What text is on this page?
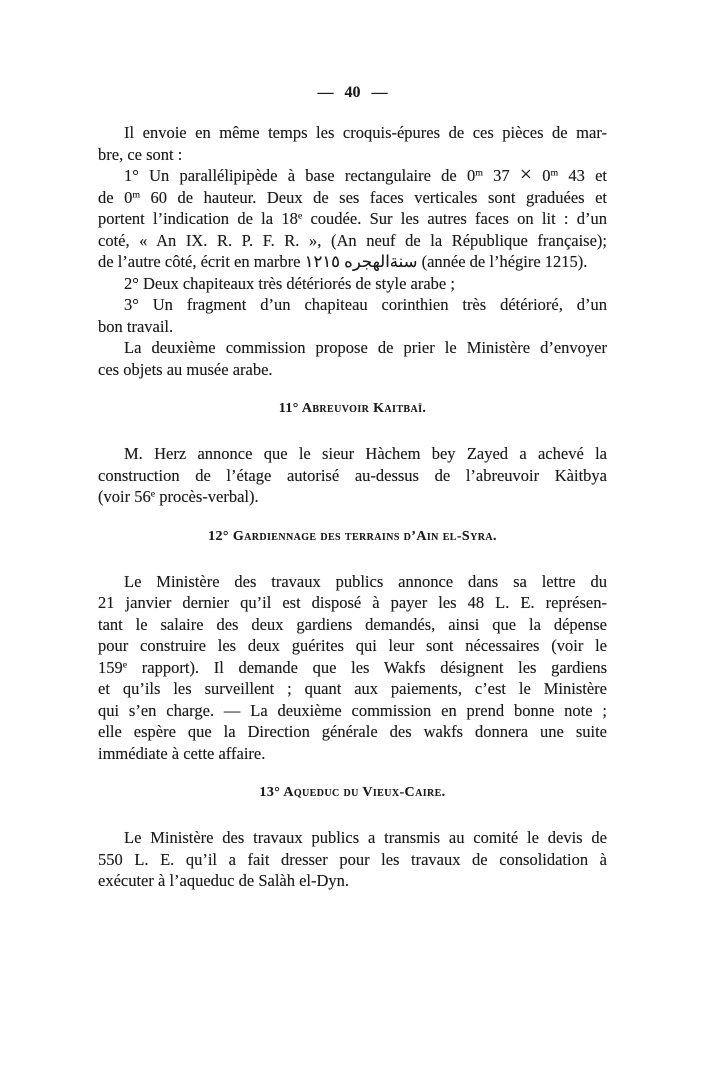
— 40 —
Il envoie en même temps les croquis-épures de ces pièces de mar-
bre, ce sont :
1° Un parallélipipède à base rectangulaire de 0$^m$ $37 \times 0^m$ 43 et
de 0$^m$ 60 de hauteur. Deux de ses faces verticales sont graduées et
portent l’indication de la 18e coudée. Sur les autres faces on lit : d’un
coté, « An IX. R. P. F. R. », (An neuf de la République française);
de l’autre côté, écrit en marbre سنةالهجره ١٢١٥ (année de l’hégire 1215).
2° Deux chapiteaux très détériorés de style arabe ;
3° Un fragment d’un chapiteau corinthien très détérioré, d’un
bon travail.
La deuxième commission propose de prier le Ministère d’envoyer
ces objets au musée arabe.
11° Abreuvoir Kaitbaï.
M. Herz annonce que le sieur Hàchem bey Zayed a achevé la
construction de l’étage autorisé au-dessus de l’abreuvoir Kàitbya
(voir 56e procès-verbal).
12° Gardiennage des terrains d’Ain el-Syra.
Le Ministère des travaux publics annonce dans sa lettre du
21 janvier dernier qu’il est disposé à payer les 48 L. E. représen-
tant le salaire des deux gardiens demandés, ainsi que la dépense
pour construire les deux guérites qui leur sont nécessaires (voir le
159e rapport). Il demande que les Wakfs désignent les gardiens
et qu’ils les surveillent ; quant aux paiements, c’est le Ministère
qui s’en charge. — La deuxième commission en prend bonne note ;
elle espère que la Direction générale des wakfs donnera une suite
immédiate à cette affaire.
13° Aqueduc du Vieux-Caire.
Le Ministère des travaux publics a transmis au comité le devis de
550 L. E. qu’il a fait dresser pour les travaux de consolidation à
exécuter à l’aqueduc de Salàh el-Dyn.
